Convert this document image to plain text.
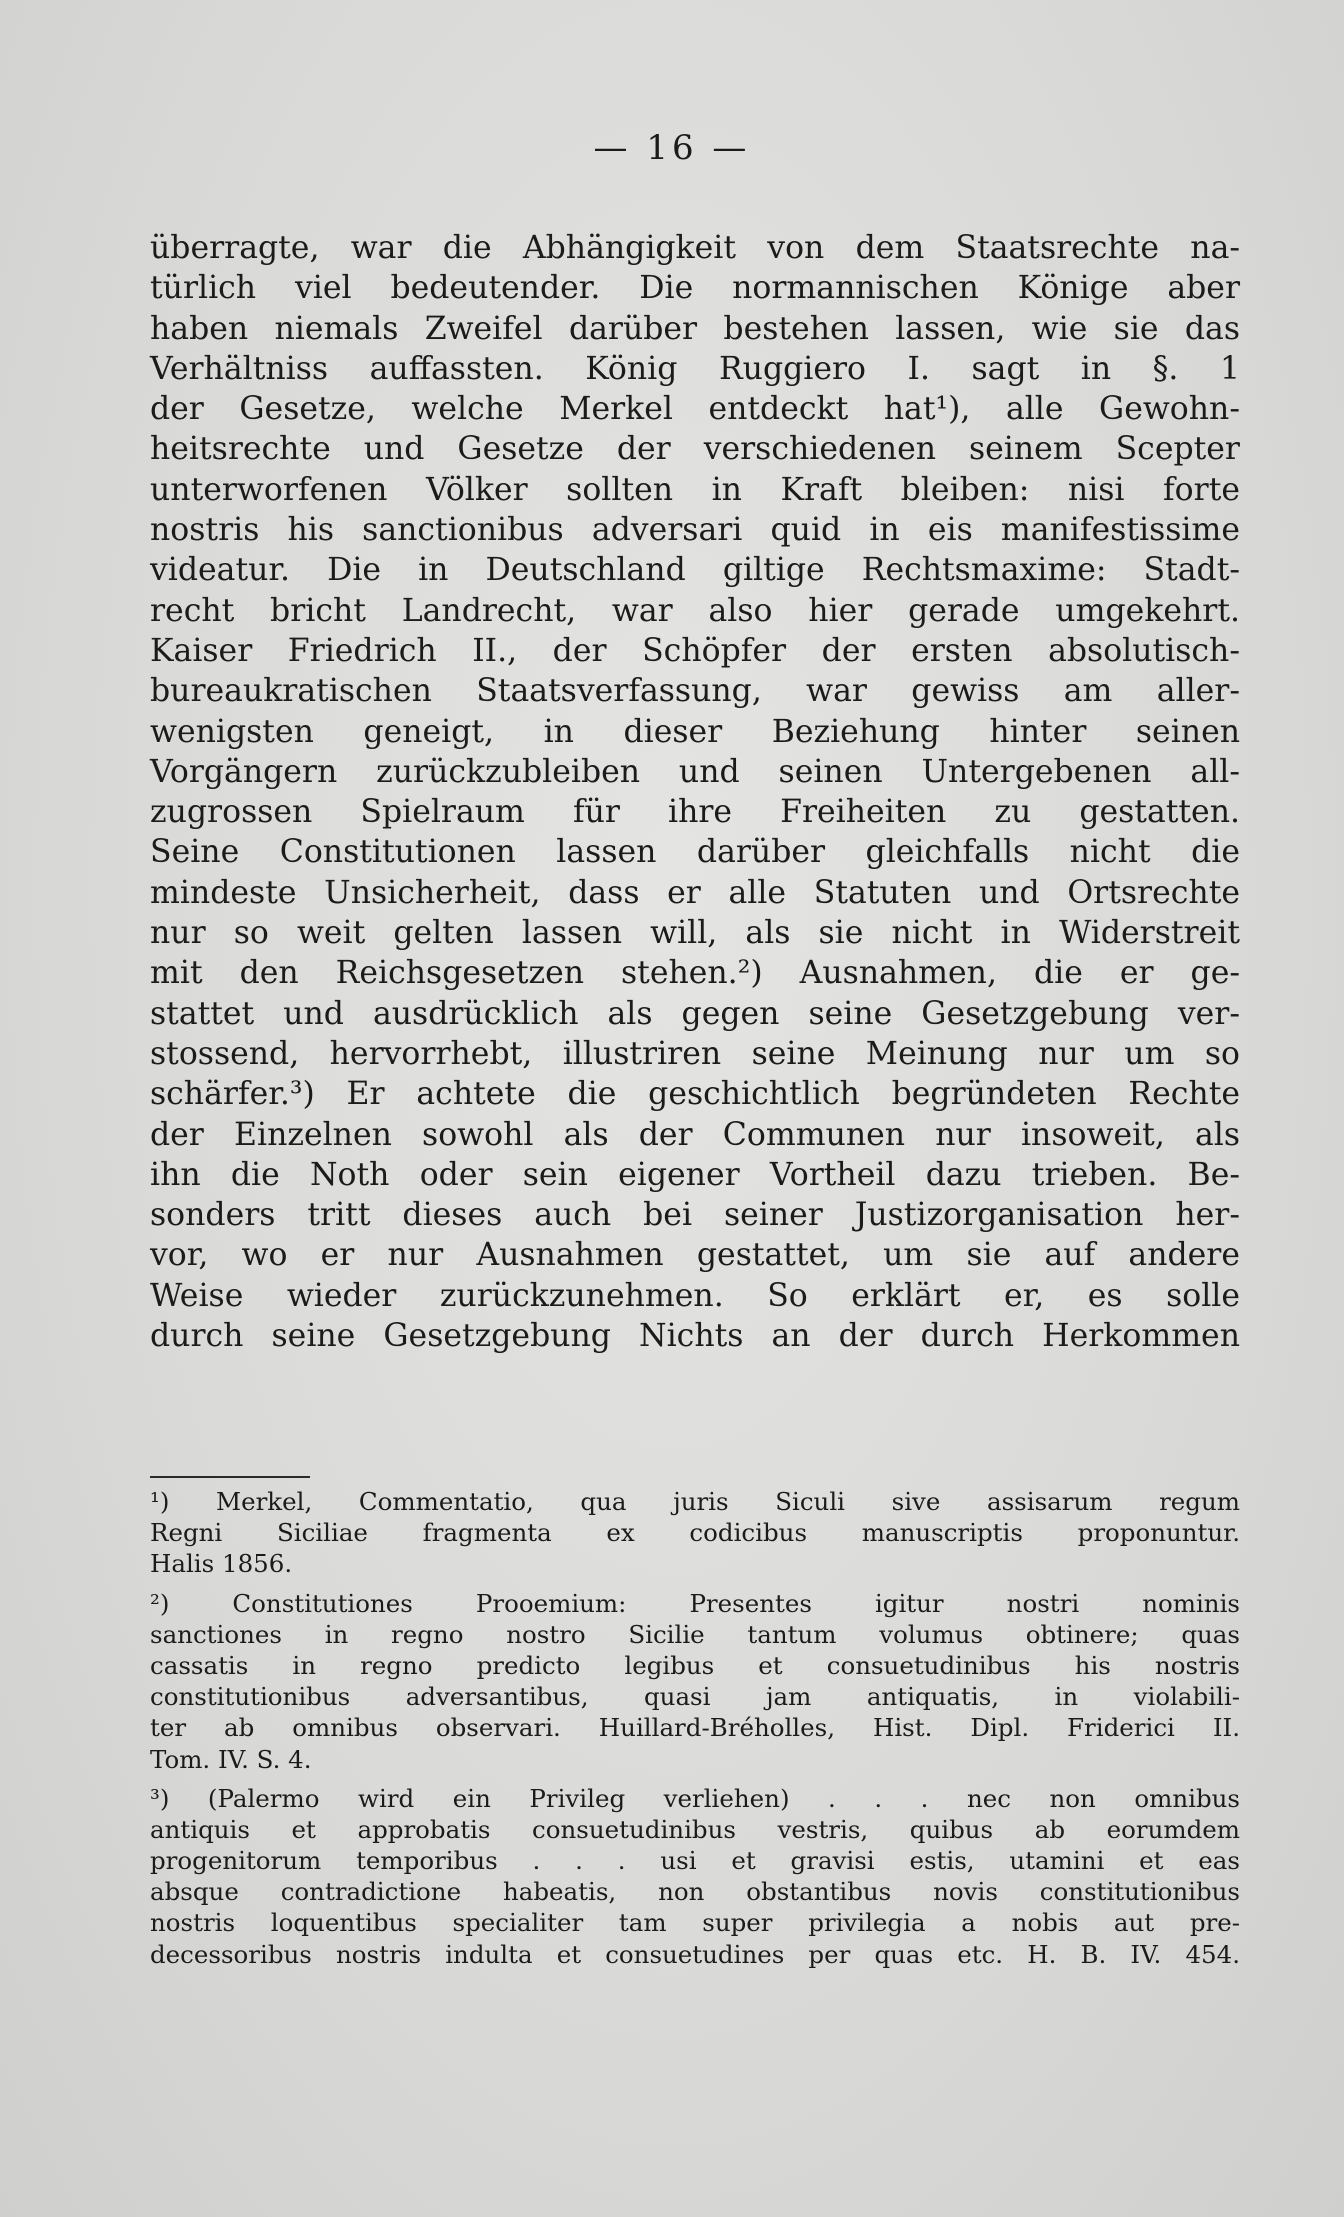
— 16 —
überragte, war die Abhängigkeit von dem Staatsrechte na-
türlich viel bedeutender. Die normannischen Könige aber
haben niemals Zweifel darüber bestehen lassen, wie sie das
Verhältniss auffassten. König Ruggiero I. sagt in §. 1
der Gesetze, welche Merkel entdeckt hat¹), alle Gewohn-
heitsrechte und Gesetze der verschiedenen seinem Scepter
unterworfenen Völker sollten in Kraft bleiben: nisi forte
nostris his sanctionibus adversari quid in eis manifestissime
videatur. Die in Deutschland giltige Rechtsmaxime: Stadt-
recht bricht Landrecht, war also hier gerade umgekehrt.
Kaiser Friedrich II., der Schöpfer der ersten absolutisch-
bureaukratischen Staatsverfassung, war gewiss am aller-
wenigsten geneigt, in dieser Beziehung hinter seinen
Vorgängern zurückzubleiben und seinen Untergebenen all-
zugrossen Spielraum für ihre Freiheiten zu gestatten.
Seine Constitutionen lassen darüber gleichfalls nicht die
mindeste Unsicherheit, dass er alle Statuten und Ortsrechte
nur so weit gelten lassen will, als sie nicht in Widerstreit
mit den Reichsgesetzen stehen.²) Ausnahmen, die er ge-
stattet und ausdrücklich als gegen seine Gesetzgebung ver-
stossend, hervorrhebt, illustriren seine Meinung nur um so
schärfer.³) Er achtete die geschichtlich begründeten Rechte
der Einzelnen sowohl als der Communen nur insoweit, als
ihn die Noth oder sein eigener Vortheil dazu trieben. Be-
sonders tritt dieses auch bei seiner Justizorganisation her-
vor, wo er nur Ausnahmen gestattet, um sie auf andere
Weise wieder zurückzunehmen. So erklärt er, es solle
durch seine Gesetzgebung Nichts an der durch Herkommen
¹) Merkel, Commentatio, qua juris Siculi sive assisarum regum
Regni Siciliae fragmenta ex codicibus manuscriptis proponuntur.
Halis 1856.
²) Constitutiones Prooemium: Presentes igitur nostri nominis
sanctiones in regno nostro Sicilie tantum volumus obtinere; quas
cassatis in regno predicto legibus et consuetudinibus his nostris
constitutionibus adversantibus, quasi jam antiquatis, in violabili-
ter ab omnibus observari. Huillard-Bréholles, Hist. Dipl. Friderici II.
Tom. IV. S. 4.
³) (Palermo wird ein Privileg verliehen) . . . nec non omnibus
antiquis et approbatis consuetudinibus vestris, quibus ab eorumdem
progenitorum temporibus . . . usi et gravisi estis, utamini et eas
absque contradictione habeatis, non obstantibus novis constitutionibus
nostris loquentibus specialiter tam super privilegia a nobis aut pre-
decessoribus nostris indulta et consuetudines per quas etc. H. B. IV. 454.
